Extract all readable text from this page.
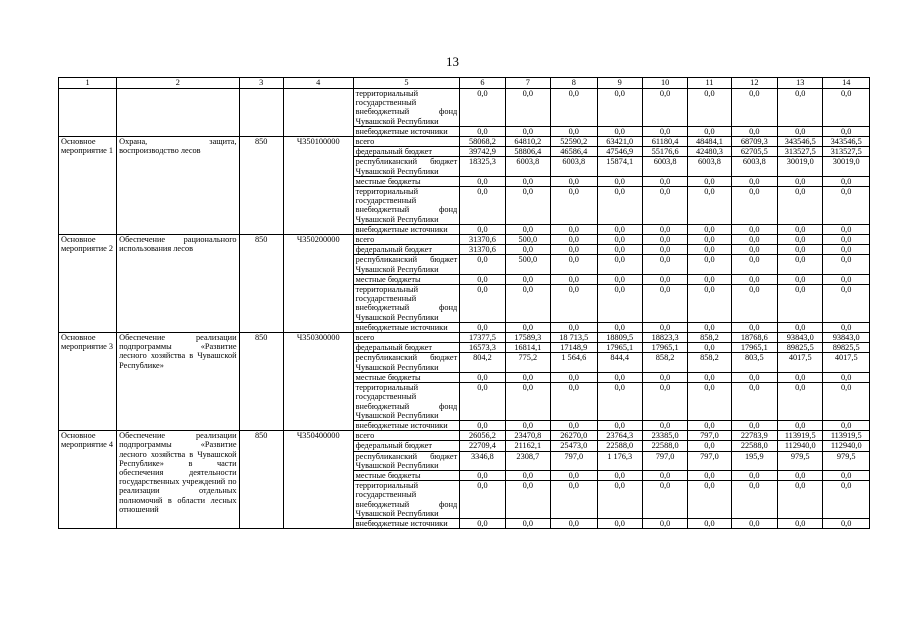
13
1	2	3	4	5	6	7	8	9	10	11	12	13	14
				территориальный государственный внебюджетный фонд Чувашской Республики	0,0	0,0	0,0	0,0	0,0	0,0	0,0	0,0	0,0
				внебюджетные источники	0,0	0,0	0,0	0,0	0,0	0,0	0,0	0,0	0,0
Основное мероприятие 1	Охрана, защита, воспроизводство лесов	850	Ч350100000	всего	58068,2	64810,2	52590,2	63421,0	61180,4	48484,1	68709,3	343546,5	343546,5
				федеральный бюджет	39742,9	58806,4	46586,4	47546,9	55176,6	42480,3	62705,5	313527,5	313527,5
				республиканский бюджет Чувашской Республики	18325,3	6003,8	6003,8	15874,1	6003,8	6003,8	6003,8	30019,0	30019,0
				местные бюджеты	0,0	0,0	0,0	0,0	0,0	0,0	0,0	0,0	0,0
				территориальный государственный внебюджетный фонд Чувашской Республики	0,0	0,0	0,0	0,0	0,0	0,0	0,0	0,0	0,0
				внебюджетные источники	0,0	0,0	0,0	0,0	0,0	0,0	0,0	0,0	0,0
Основное мероприятие 2	Обеспечение рационального использования лесов	850	Ч350200000	всего	31370,6	500,0	0,0	0,0	0,0	0,0	0,0	0,0	0,0
				федеральный бюджет	31370,6	0,0	0,0	0,0	0,0	0,0	0,0	0,0	0,0
				республиканский бюджет Чувашской Республики	0,0	500,0	0,0	0,0	0,0	0,0	0,0	0,0	0,0
				местные бюджеты	0,0	0,0	0,0	0,0	0,0	0,0	0,0	0,0	0,0
				территориальный государственный внебюджетный фонд Чувашской Республики	0,0	0,0	0,0	0,0	0,0	0,0	0,0	0,0	0,0
				внебюджетные источники	0,0	0,0	0,0	0,0	0,0	0,0	0,0	0,0	0,0
Основное мероприятие 3	Обеспечение реализации подпрограммы «Развитие лесного хозяйства в Чувашской Республике»	850	Ч350300000	всего	17377,5	17589,3	18 713,5	18809,5	18823,3	858,2	18768,6	93843,0	93843,0
				федеральный бюджет	16573,3	16814,1	17148,9	17965,1	17965,1	0,0	17965,1	89825,5	89825,5
				республиканский бюджет Чувашской Республики	804,2	775,2	1 564,6	844,4	858,2	858,2	803,5	4017,5	4017,5
				местные бюджеты	0,0	0,0	0,0	0,0	0,0	0,0	0,0	0,0	0,0
				территориальный государственный внебюджетный фонд Чувашской Республики	0,0	0,0	0,0	0,0	0,0	0,0	0,0	0,0	0,0
				внебюджетные источники	0,0	0,0	0,0	0,0	0,0	0,0	0,0	0,0	0,0
Основное мероприятие 4	Обеспечение реализации подпрограммы «Развитие лесного хозяйства в Чувашской Республике» в части обеспечения деятельности государственных учреждений по реализации отдельных полномочий в области лесных отношений	850	Ч350400000	всего	26056,2	23470,8	26270,0	23764,3	23385,0	797,0	22783,9	113919,5	113919,5
				федеральный бюджет	22709,4	21162,1	25473,0	22588,0	22588,0	0,0	22588,0	112940,0	112940,0
				республиканский бюджет Чувашской Республики	3346,8	2308,7	797,0	1 176,3	797,0	797,0	195,9	979,5	979,5
				местные бюджеты	0,0	0,0	0,0	0,0	0,0	0,0	0,0	0,0	0,0
				территориальный государственный внебюджетный фонд Чувашской Республики	0,0	0,0	0,0	0,0	0,0	0,0	0,0	0,0	0,0
				внебюджетные источники	0,0	0,0	0,0	0,0	0,0	0,0	0,0	0,0	0,0
